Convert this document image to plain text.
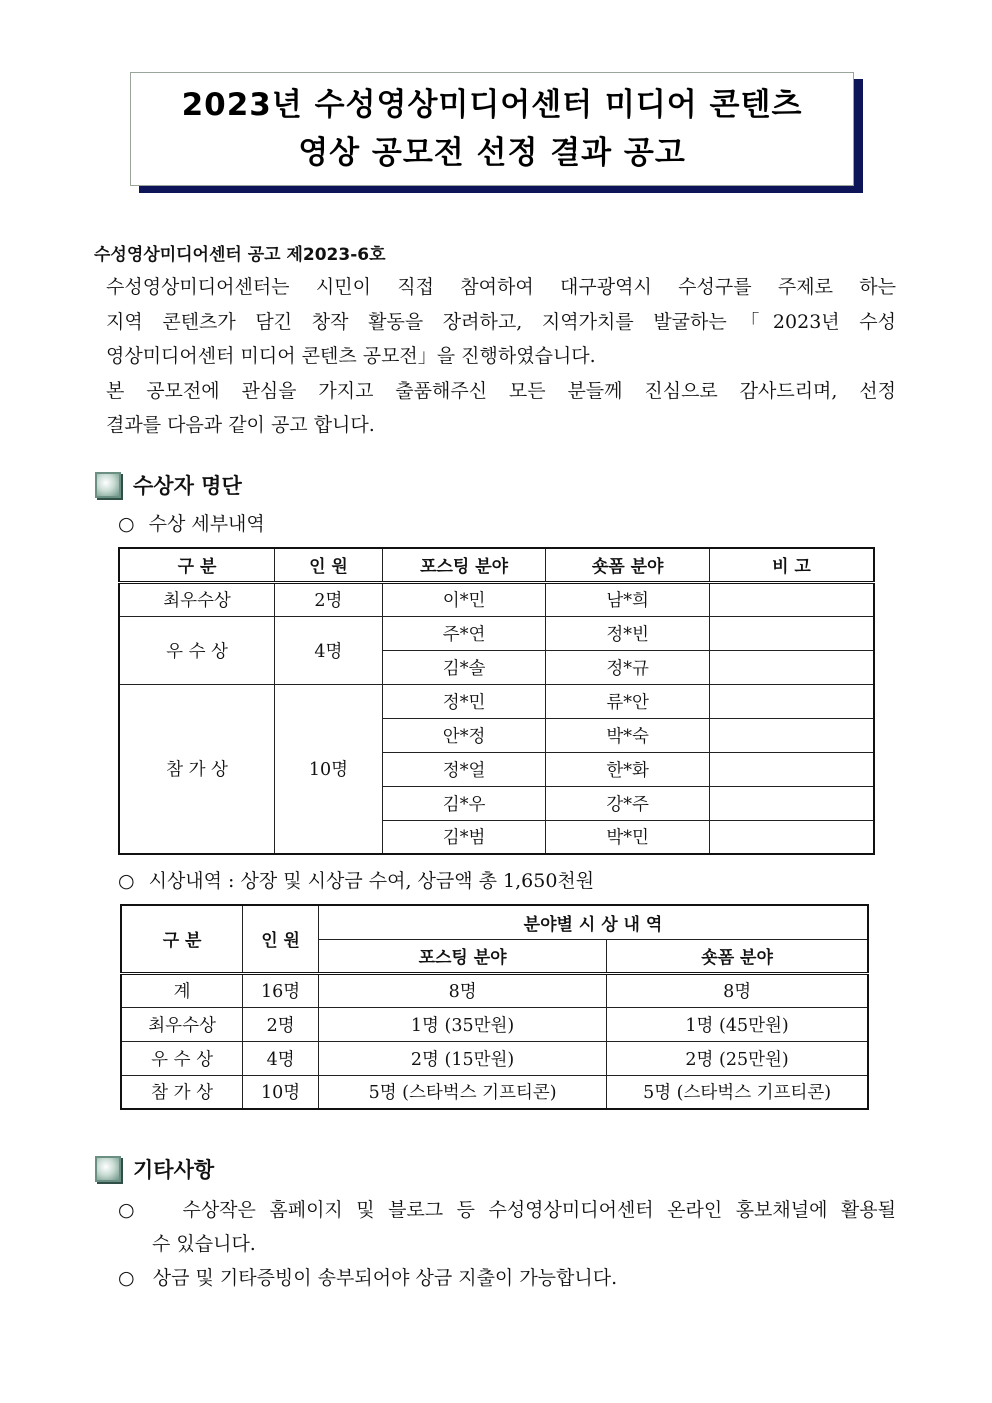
2023년 수성영상미디어센터 미디어 콘텐츠
영상 공모전 선정 결과 공고
수성영상미디어센터 공고 제2023-6호

수성영상미디어센터는 시민이 직접 참여하여 대구광역시 수성구를 주제로 하는

지역 콘텐츠가 담긴 창작 활동을 장려하고, 지역가치를 발굴하는「2023년 수성

영상미디어센터 미디어 콘텐츠 공모전」을 진행하였습니다.

본 공모전에 관심을 가지고 출품해주신 모든 분들께 진심으로 감사드리며, 선정

결과를 다음과 같이 공고 합니다.

수상자 명단
○ 수상 세부내역
구 분	인 원	포스팅 분야	숏폼 분야	비 고
최우수상	2명	이*민	남*희	
우 수 상	4명	주*연	정*빈	
		김*솔	정*규	
참 가 상	10명	정*민	류*안	
		안*정	박*숙	
		정*얼	한*화	
		김*우	강*주	
		김*범	박*민	
○ 시상내역 : 상장 및 시상금 수여, 상금액 총 1,650천원
구 분	인 원	분야별 시 상 내 역	
		포스팅 분야	숏폼 분야
계	16명	8명	8명
최우수상	2명	1명 (35만원)	1명 (45만원)
우 수 상	4명	2명 (15만원)	2명 (25만원)
참 가 상	10명	5명 (스타벅스 기프티콘)	5명 (스타벅스 기프티콘)
기타사항

○ 수상작은 홈페이지 및 블로그 등 수성영상미디어센터 온라인 홍보채널에 활용될

수 있습니다.

○ 상금 및 기타증빙이 송부되어야 상금 지출이 가능합니다.
